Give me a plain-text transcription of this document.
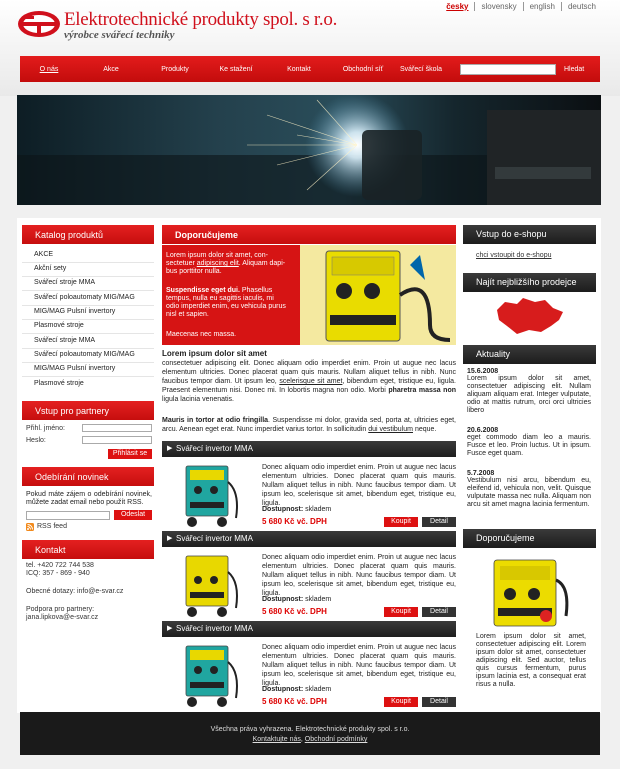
Elektrotechnické produkty spol. s r.o.
výrobce svářecí techniky
česky	slovensky	english	deutsch
O nás	Akce	Produkty	Ke stažení	Kontakt	Obchodní síť	Svářecí škola	Hledat
Katalog produktů
AKCE
Akční sety
Svářecí stroje MMA
Svářecí poloautomaty MIG/MAG
MIG/MAG Pulsní invertory
Plasmové stroje
Svářecí stroje MMA
Svářecí poloautomaty MIG/MAG
MIG/MAG Pulsní invertory
Plasmové stroje
Vstup pro partnery
Přihl. jméno:
Heslo:
Přihlásit se
Odebírání novinek
Pokud máte zájem o odebírání novinek, můžete zadat email nebo použít RSS.
Odeslat
RSS feed
Kontakt
tel. +420 722 744 538
ICQ: 357 - 869 - 940
Obecné dotazy: info@e-svar.cz
Podpora pro partnery:
jana.lipkova@e-svar.cz
Doporučujeme
Lorem ipsum dolor sit amet, con-
sectetuer adipiscing elit. Aliquam dapi-
bus porttitor nulla.
Suspendisse eget dui. Phasellus
tempus, nulla eu sagittis iaculis, mi
odio imperdiet enim, eu vehicula purus
nisl et sapien.
Maecenas nec massa.
Lorem ipsum dolor sit amet
consectetuer adipiscing elit. Donec aliquam odio imperdiet enim. Proin ut augue nec lacus elementum ultricies. Donec placerat quam quis mauris. Nullam aliquet tellus in nibh. Nunc faucibus tempor diam. Ut ipsum leo, scelerisque sit amet, bibendum eget, tristique eu, ligula. Praesent elementum nisi. Donec mi. In lobortis magna non odio. Morbi pharetra massa non ligula lacinia venenatis.
Mauris in tortor at odio fringilla. Suspendisse mi dolor, gravida sed, porta at, ultricies eget, arcu. Aenean eget erat. Nunc imperdiet varius tortor. In sollicitudin dui vestibulum neque.
▶ Svářecí invertor MMA
Donec aliquam odio imperdiet enim. Proin ut augue nec lacus elementum ultricies. Donec placerat quam quis mauris. Nullam aliquet tellus in nibh. Nunc faucibus tempor diam. Ut ipsum leo, scelerisque sit amet, bibendum eget, tristique eu, ligula.
Dostupnost: skladem
5 680 Kč vč. DPH	Koupit	Detail
▶ Svářecí invertor MMA
Donec aliquam odio imperdiet enim. Proin ut augue nec lacus elementum ultricies. Donec placerat quam quis mauris. Nullam aliquet tellus in nibh. Nunc faucibus tempor diam. Ut ipsum leo, scelerisque sit amet, bibendum eget, tristique eu, ligula.
Dostupnost: skladem
5 680 Kč vč. DPH	Koupit	Detail
▶ Svářecí invertor MMA
Donec aliquam odio imperdiet enim. Proin ut augue nec lacus elementum ultricies. Donec placerat quam quis mauris. Nullam aliquet tellus in nibh. Nunc faucibus tempor diam. Ut ipsum leo, scelerisque sit amet, bibendum eget, tristique eu, ligula.
Dostupnost: skladem
5 680 Kč vč. DPH	Koupit	Detail
Vstup do e-shopu
chci vstoupit do e-shopu
Najít nejbližšího prodejce
Aktuality
15.6.2008
Lorem ipsum dolor sit amet, consectetuer adipiscing elit. Nullam aliquam aliquam erat. Integer vulputate, odio at mattis rutrum, orci orci ultricies libero
20.6.2008
eget commodo diam leo a mauris. Fusce et leo. Proin luctus. Ut in ipsum. Fusce eget quam.
5.7.2008
Vestibulum nisi arcu, bibendum eu, eleifend id, vehicula non, velit. Quisque vulputate massa nec nulla. Aliquam non arcu sit amet magna lacinia fermentum.
Doporučujeme
Lorem ipsum dolor sit amet, consectetuer adipiscing elit. Lorem ipsum dolor sit amet, consectetuer adipiscing elit. Sed auctor, tellus quis cursus fermentum, purus ipsum lacinia est, a consequat erat risus a nulla.
Všechna práva vyhrazena. Elektrotechnické produkty spol. s r.o.
Kontaktujte nás, Obchodní podmínky
